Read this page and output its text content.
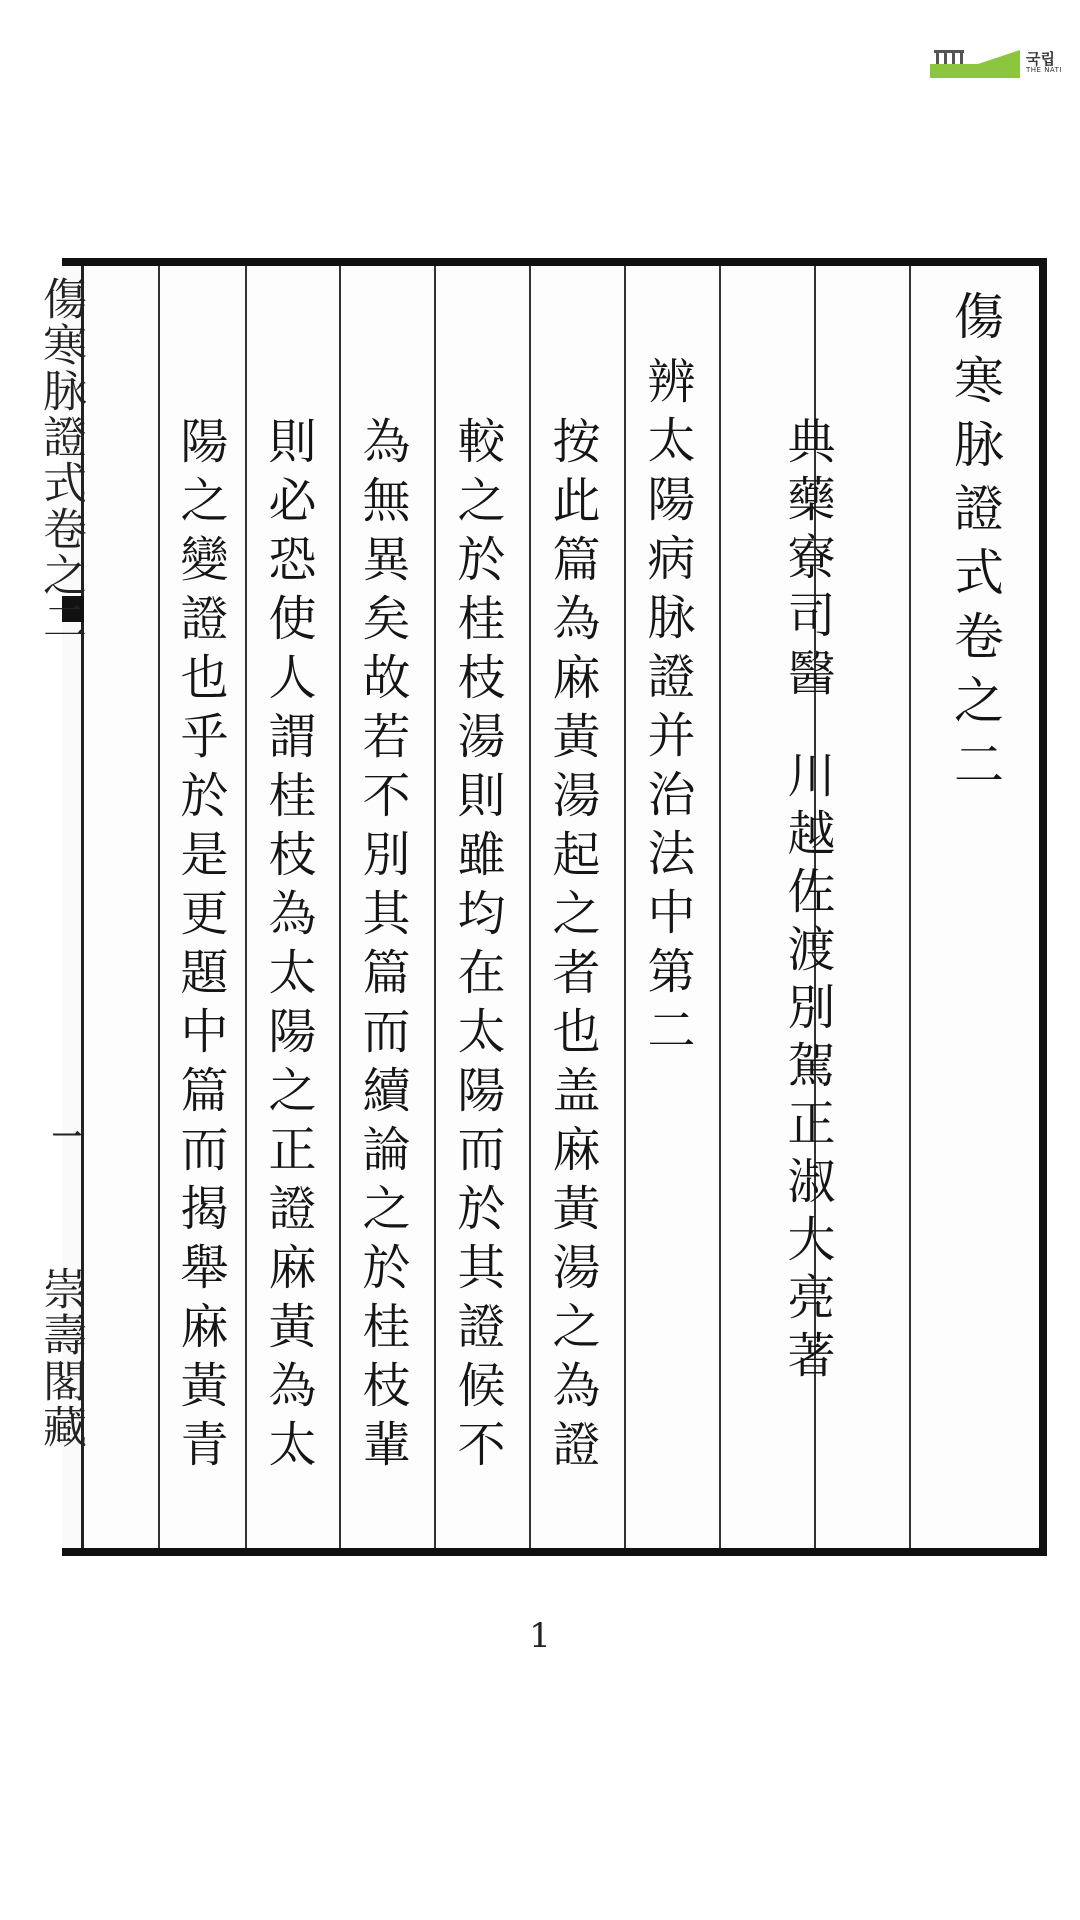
국립
THE NATI
傷寒脉證式卷之二
一
崇壽閣藏
傷寒脉證式卷之二
典藥寮司醫川越佐渡別駕正淑大亮著
辨太陽病脉證并治法中第二
按此篇為麻黃湯起之者也盖麻黃湯之為證
較之於桂枝湯則雖均在太陽而於其證候不
為無異矣故若不別其篇而續論之於桂枝輩
則必恐使人謂桂枝為太陽之正證麻黃為太
陽之變證也乎於是更題中篇而揭舉麻黃青
1
